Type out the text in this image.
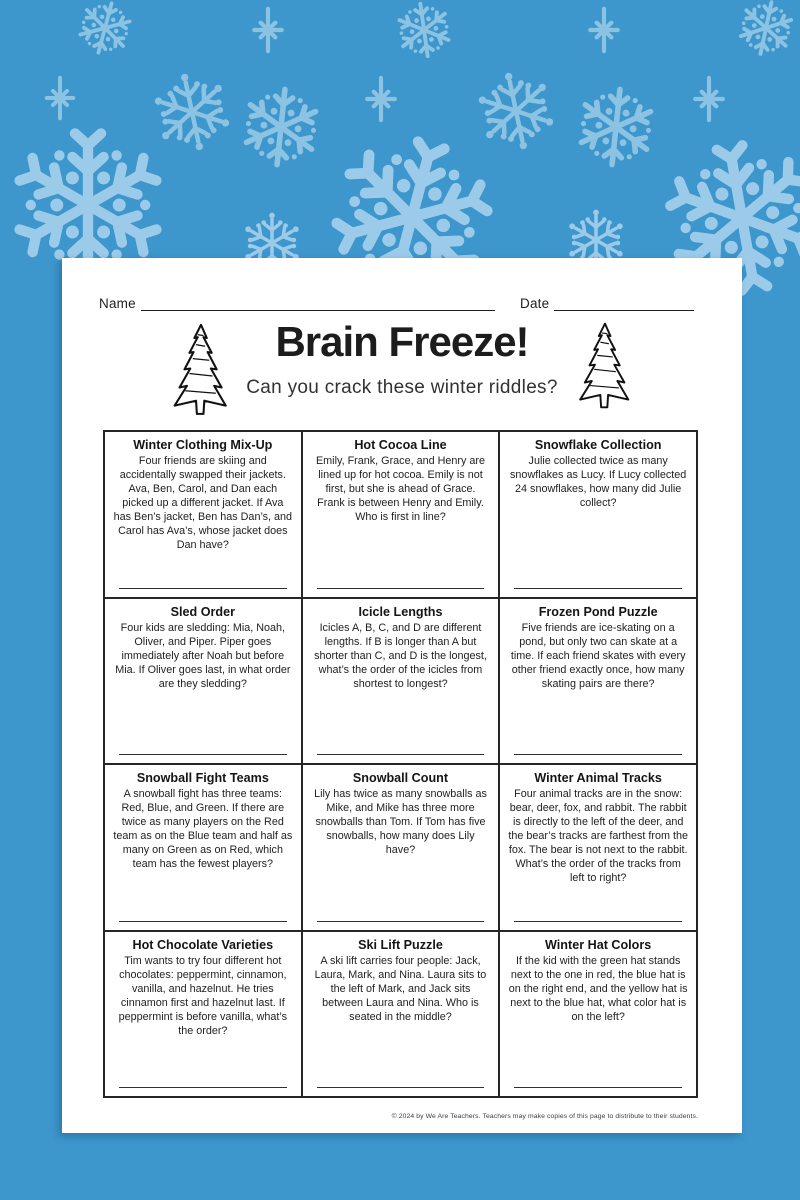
Name	Date
Brain Freeze!
Can you crack these winter riddles?
Winter Clothing Mix-Up
Four friends are skiing and accidentally swapped their jackets. Ava, Ben, Carol, and Dan each picked up a different jacket. If Ava has Ben’s jacket, Ben has Dan’s, and Carol has Ava’s, whose jacket does Dan have?
Hot Cocoa Line
Emily, Frank, Grace, and Henry are lined up for hot cocoa. Emily is not first, but she is ahead of Grace. Frank is between Henry and Emily. Who is first in line?
Snowflake Collection
Julie collected twice as many snowflakes as Lucy. If Lucy collected 24 snowflakes, how many did Julie collect?
Sled Order
Four kids are sledding: Mia, Noah, Oliver, and Piper. Piper goes immediately after Noah but before Mia. If Oliver goes last, in what order are they sledding?
Icicle Lengths
Icicles A, B, C, and D are different lengths. If B is longer than A but shorter than C, and D is the longest, what’s the order of the icicles from shortest to longest?
Frozen Pond Puzzle
Five friends are ice-skating on a pond, but only two can skate at a time. If each friend skates with every other friend exactly once, how many skating pairs are there?
Snowball Fight Teams
A snowball fight has three teams: Red, Blue, and Green. If there are twice as many players on the Red team as on the Blue team and half as many on Green as on Red, which team has the fewest players?
Snowball Count
Lily has twice as many snowballs as Mike, and Mike has three more snowballs than Tom. If Tom has five snowballs, how many does Lily have?
Winter Animal Tracks
Four animal tracks are in the snow: bear, deer, fox, and rabbit. The rabbit is directly to the left of the deer, and the bear’s tracks are farthest from the fox. The bear is not next to the rabbit. What’s the order of the tracks from left to right?
Hot Chocolate Varieties
Tim wants to try four different hot chocolates: peppermint, cinnamon, vanilla, and hazelnut. He tries cinnamon first and hazelnut last. If peppermint is before vanilla, what’s the order?
Ski Lift Puzzle
A ski lift carries four people: Jack, Laura, Mark, and Nina. Laura sits to the left of Mark, and Jack sits between Laura and Nina. Who is seated in the middle?
Winter Hat Colors
If the kid with the green hat stands next to the one in red, the blue hat is on the right end, and the yellow hat is next to the blue hat, what color hat is on the left?
© 2024 by We Are Teachers. Teachers may make copies of this page to distribute to their students.
